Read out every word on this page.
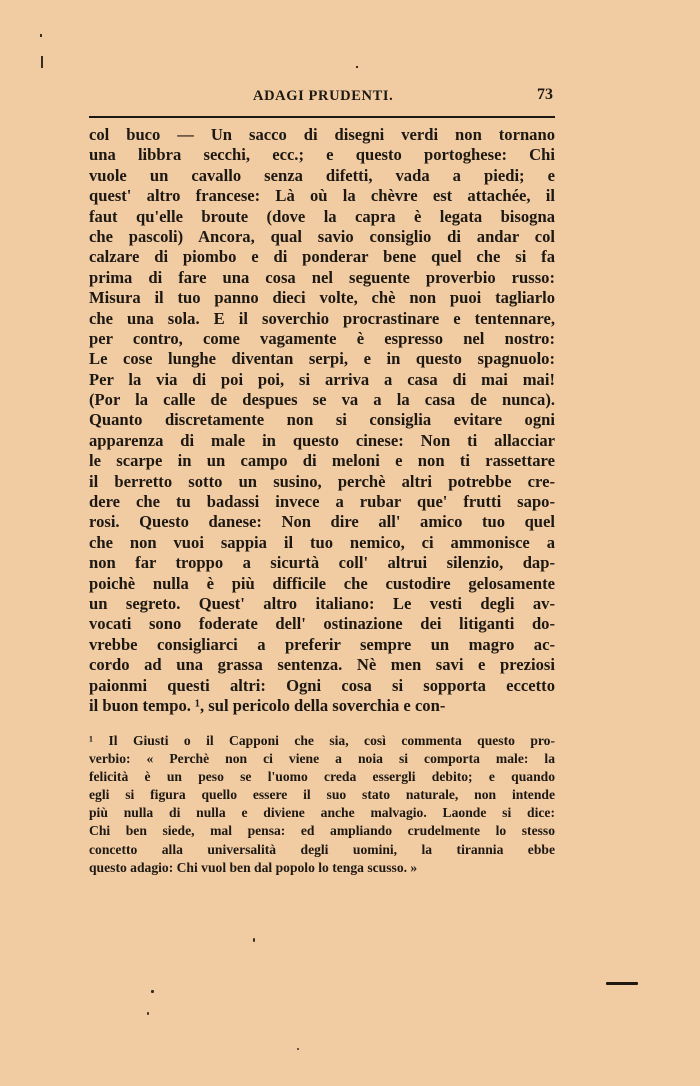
ADAGI PRUDENTI.	73
col buco — Un sacco di disegni verdi non tornano
una libbra secchi, ecc.; e questo portoghese: Chi
vuole un cavallo senza difetti, vada a piedi; e
quest' altro francese: Là où la chèvre est attachée, il
faut qu'elle broute (dove la capra è legata bisogna
che pascoli) Ancora, qual savio consiglio di andar col
calzare di piombo e di ponderar bene quel che si fa
prima di fare una cosa nel seguente proverbio russo:
Misura il tuo panno dieci volte, chè non puoi tagliarlo
che una sola. E il soverchio procrastinare e tentennare,
per contro, come vagamente è espresso nel nostro:
Le cose lunghe diventan serpi, e in questo spagnuolo:
Per la via di poi poi, si arriva a casa di mai mai!
(Por la calle de despues se va a la casa de nunca).
Quanto discretamente non si consiglia evitare ogni
apparenza di male in questo cinese: Non ti allacciar
le scarpe in un campo di meloni e non ti rassettare
il berretto sotto un susino, perchè altri potrebbe cre-
dere che tu badassi invece a rubar que' frutti sapo-
rosi. Questo danese: Non dire all' amico tuo quel
che non vuoi sappia il tuo nemico, ci ammonisce a
non far troppo a sicurtà coll' altrui silenzio, dap-
poichè nulla è più difficile che custodire gelosamente
un segreto. Quest' altro italiano: Le vesti degli av-
vocati sono foderate dell' ostinazione dei litiganti do-
vrebbe consigliarci a preferir sempre un magro ac-
cordo ad una grassa sentenza. Nè men savi e preziosi
paionmi questi altri: Ogni cosa si sopporta eccetto
il buon tempo. ¹, sul pericolo della soverchia e con-
¹ Il Giusti o il Capponi che sia, così commenta questo pro-
verbio: « Perchè non ci viene a noia si comporta male: la
felicità è un peso se l'uomo creda essergli debito; e quando
egli si figura quello essere il suo stato naturale, non intende
più nulla di nulla e diviene anche malvagio. Laonde si dice:
Chi ben siede, mal pensa: ed ampliando crudelmente lo stesso
concetto alla universalità degli uomini, la tirannia ebbe
questo adagio: Chi vuol ben dal popolo lo tenga scusso. »
